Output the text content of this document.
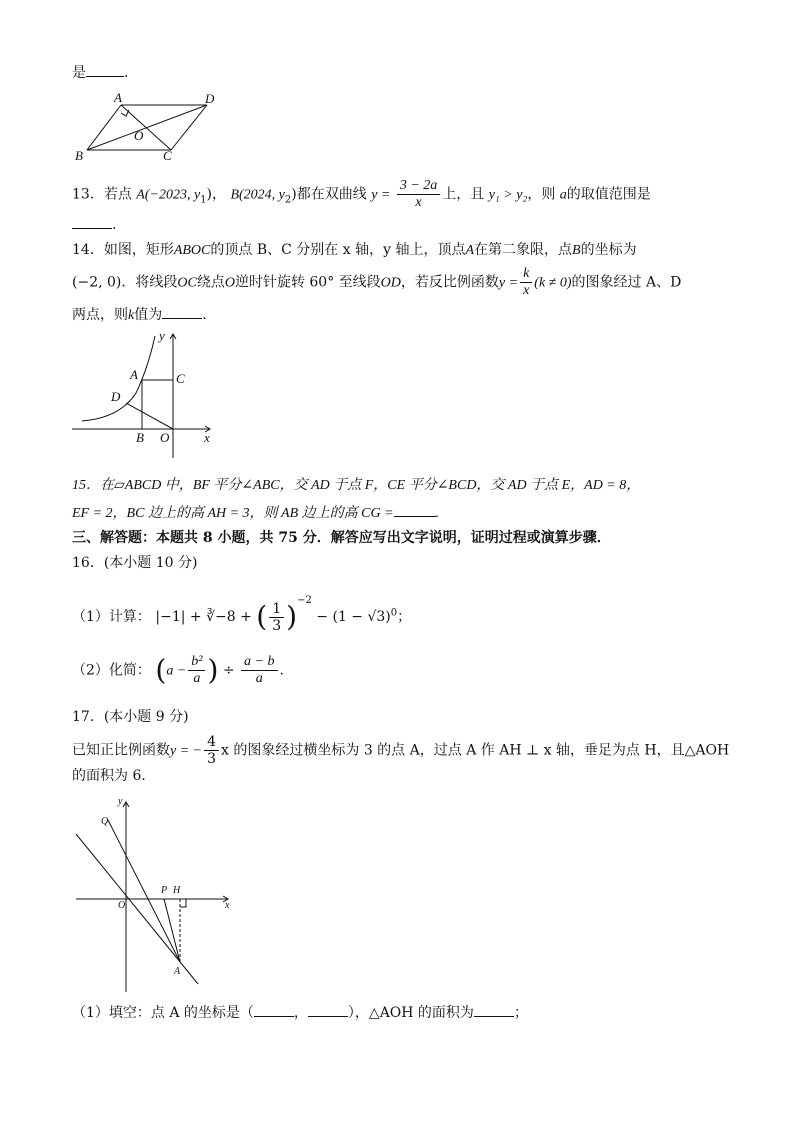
是	.
A	D
O
B	C
13．若点 A(−2023, $y_1$)， B(2024, $y_2$)都在双曲线 $y = \frac{3 - 2a}{x}$ 上，且 y₁ > y₂，则 a的取值范围是
.
14．如图，矩形ABOC的顶点 B、C 分别在 x 轴，y 轴上，顶点A在第二象限，点B的坐标为
(−2, 0)．将线段OC绕点O逆时针旋转 60° 至线段OD，若反比例函数$y = \frac{k}{x} (k \ne 0)$的图象经过 A、D
两点，则k值为	.
y
A	C
D
B O	x
15．在▱ABCD 中，BF 平分∠ABC，交 AD 于点 F，CE 平分∠BCD，交 AD 于点 E，AD = 8，
EF = 2，BC 边上的高 AH = 3，则 AB 边上的高 CG =	.
三、解答题：本题共 8 小题，共 75 分．解答应写出文字说明，证明过程或演算步骤．
16．(本小题 10 分)
（1）计算： |−1| + ∛−8 + ( $\frac{1}{3} )^{-2} - (1 - √3)^0$；
（2）化简： ($a - \frac{\text{b²}}{a}$ ) ÷ $\frac{a - b}{a}$ .
17．(本小题 9 分)
已知正比例函数y = − $\frac{4}{3}$ x 的图象经过横坐标为 3 的点 A，过点 A 作 AH ⊥ x 轴，垂足为点 H，且△AOH
的面积为 6．
y
Q
P H
O	x
A
（1）填空：点 A 的坐标是（	，	），△AOH 的面积为	；
